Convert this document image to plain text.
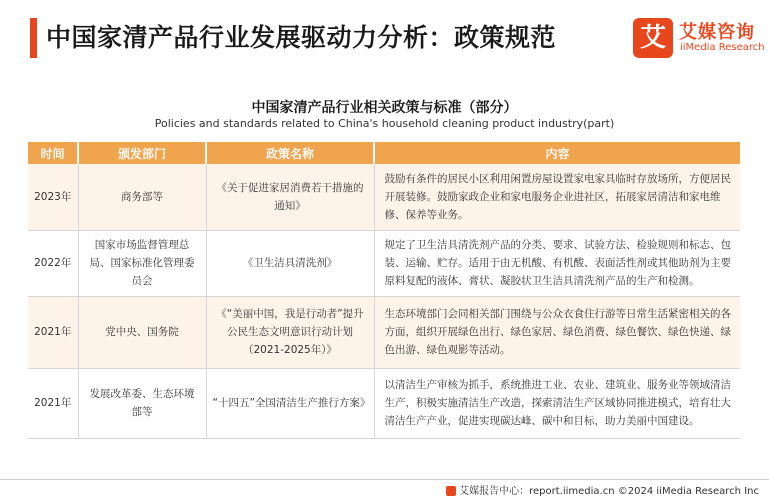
中国家清产品行业发展驱动力分析：政策规范	艾 艾媒咨询
iiMedia Research
中国家清产品行业相关政策与标准（部分）
Policies and standards related to China's household cleaning product industry(part)
时间	颁发部门	政策名称	内容
2023年	商务部等	《关于促进家居消费若干措施的通知》	鼓励有条件的居民小区利用闲置房屋设置家电家具临时存放场所，方便居民开展装修。鼓励家政企业和家电服务企业进社区，拓展家居清洁和家电维修、保养等业务。
2022年	国家市场监督管理总局、国家标准化管理委员会	《卫生洁具清洗剂》	规定了卫生洁具清洗剂产品的分类、要求、试验方法、检验规则和标志、包装、运输、贮存。适用于由无机酸、有机酸、表面活性剂或其他助剂为主要原料复配的液体、膏状、凝胶状卫生洁具清洗剂产品的生产和检测。
2021年	党中央、国务院	《“美丽中国，我是行动者”提升公民生态文明意识行动计划（2021-2025年）》	生态环境部门会同相关部门围绕与公众衣食住行游等日常生活紧密相关的各方面，组织开展绿色出行、绿色家居、绿色消费、绿色餐饮、绿色快递、绿色出游、绿色观影等活动。
2021年	发展改革委、生态环境部等	“十四五”全国清洁生产推行方案》	以清洁生产审核为抓手，系统推进工业、农业、建筑业、服务业等领域清洁生产，积极实施清洁生产改造，探索清洁生产区域协同推进模式，培育壮大清洁生产产业，促进实现碳达峰、碳中和目标，助力美丽中国建设。
艾媒报告中心：report.iimedia.cn ©2024 iiMedia Research Inc
